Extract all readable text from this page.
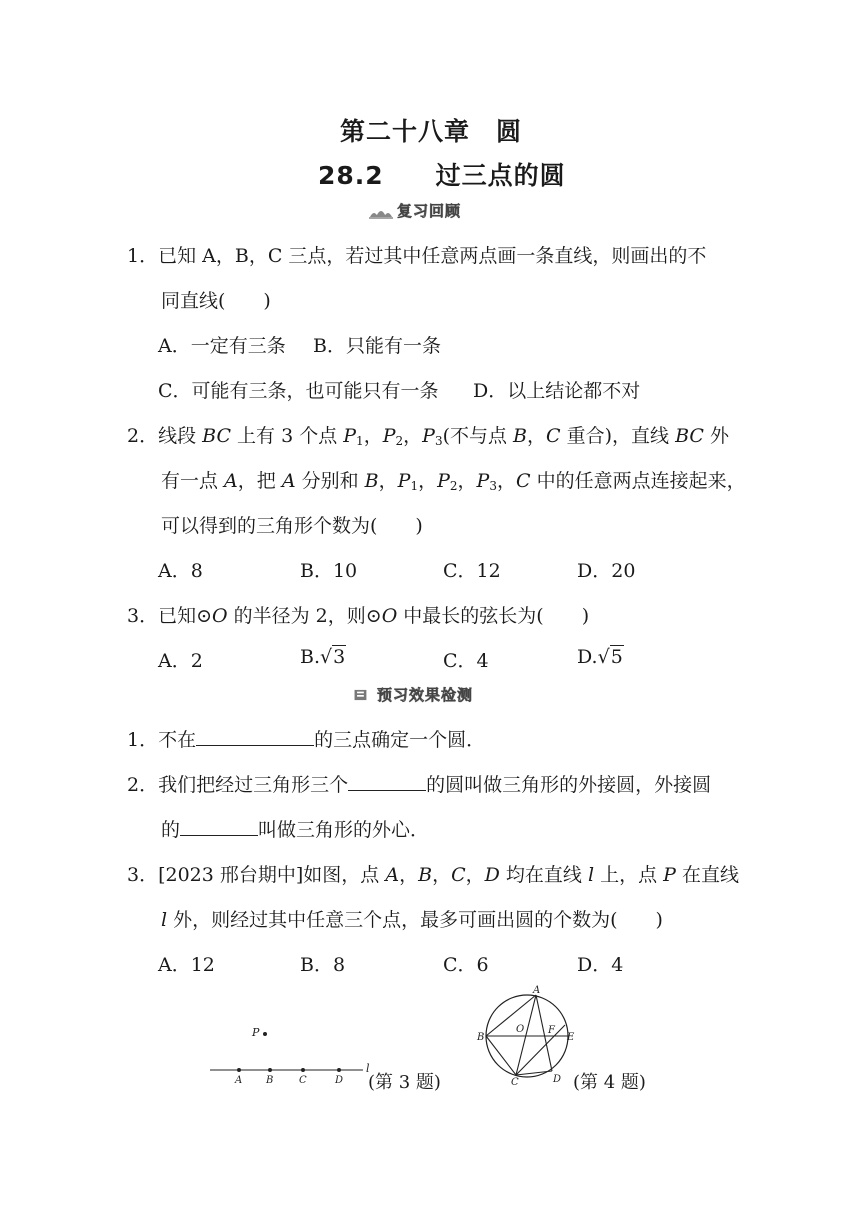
第二十八章　圆
28.2　　过三点的圆
复习回顾
1．已知 A，B，C 三点，若过其中任意两点画一条直线，则画出的不
同直线(　　)
A．一定有三条 B．只能有一条
C．可能有三条，也可能只有一条 D．以上结论都不对
2．线段 BC 上有 3 个点 $P_1$，$P_2$，$P_3$(不与点 B，C 重合)，直线 BC 外
有一点 A，把 A 分别和 B，$P_1$，$P_2$，$P_3$，C 中的任意两点连接起来，
可以得到的三角形个数为(　　)
A．8	B．10	C．12	D．20
3．已知⊙O 的半径为 2，则⊙O 中最长的弦长为(　　)
A．2	B.√3	C．4	D.√5
预习效果检测
1．不在	的三点确定一个圆．
2．我们把经过三角形三个	的圆叫做三角形的外接圆，外接圆
的	叫做三角形的外心．
3．[2023 邢台期中]如图，点 A，B，C，D 均在直线 l 上，点 P 在直线
l 外，则经过其中任意三个点，最多可画出圆的个数为(　　)
A．12	B．8	C．6	D．4
P
l
A B	C	D (第 3 题)
A
B
O F
E
D
C	(第 4 题)
